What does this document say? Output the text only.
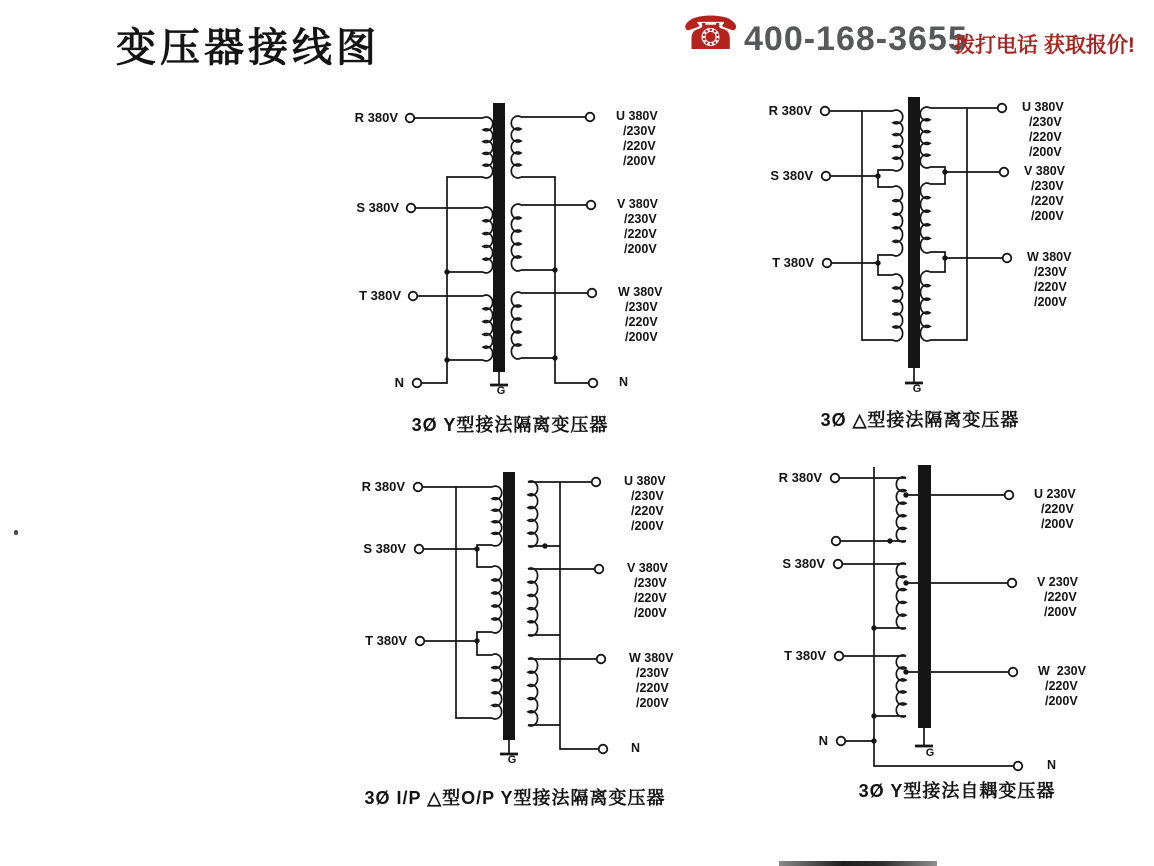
变压器接线图	☎ 400-168-3655
拨打电话 获取报价!
3Ø Y型接法隔离变压器
R 380V
S 380V
T 380V
N
U 380V
/230V
/220V
/200V
V 380V
/230V
/220V
/200V
W 380V
/230V
/220V
/200V
N
G
3Ø △型接法隔离变压器
R 380V
S 380V
T 380V
U 380V
/230V
/220V
/200V
V 380V
/230V
/220V
/200V
W 380V
/230V
/220V
/200V
G
3Ø I/P △型O/P Y型接法隔离变压器
R 380V
S 380V
T 380V
U 380V
/230V
/220V
/200V
V 380V
/230V
/220V
/200V
W 380V
/230V
/220V
/200V
N
G
3Ø Y型接法自耦变压器
R 380V
S 380V
T 380V
N
U 230V
/220V
/200V
V 230V
/220V
/200V
W  230V
/220V
/200V
N
G
